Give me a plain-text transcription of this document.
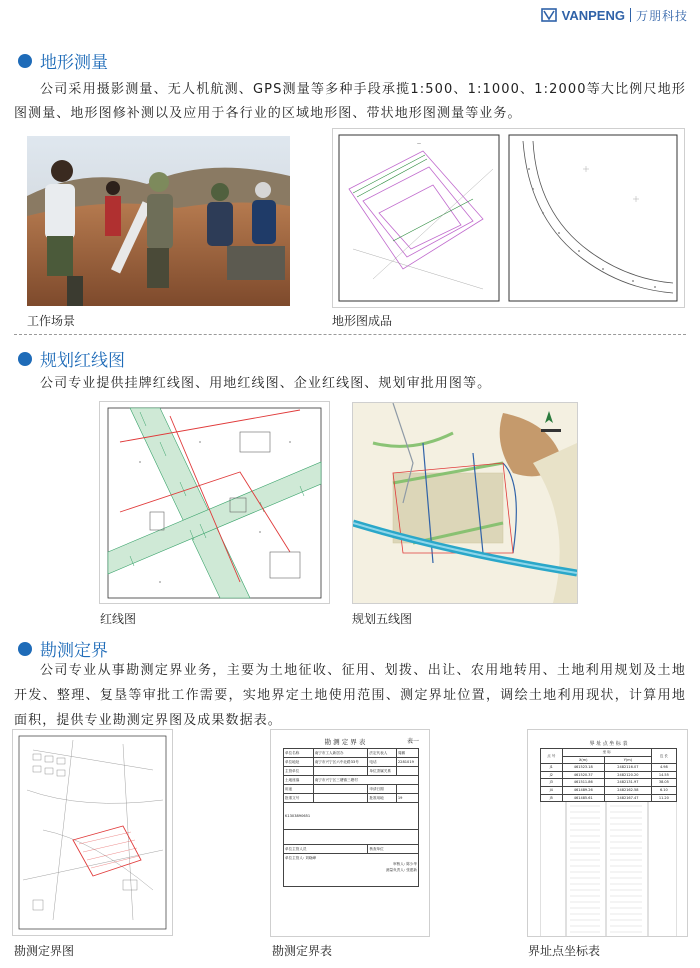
VANPENG 万朋科技
地形测量
公司采用摄影测量、无人机航测、GPS测量等多种手段承揽1:500、1:1000、1:2000等大比例尺地形图测量、地形图修补测以及应用于各行业的区域地形图、带状地形图测量等业务。
工作场景
—
地形图成品
规划红线图
公司专业提供挂牌红线图、用地红线图、企业红线图、规划审批用图等。
红线图	规划五线图
勘测定界
公司专业从事勘测定界业务，主要为土地征收、征用、划拨、出让、农用地转用、土地利用规划及土地开发、整理、复垦等审批工作需要，实地界定土地使用范围、测定界址位置，调绘土地利用现状，计算用地面积，提供专业勘测定界图及成果数据表。
勘测定界图
勘 测 定 界 表	表一
单位名称	南宁市工人新居办	法定代表人	周鹏
单位地址	南宁市兴宁区六中北路33号	电话	2281019
主管单位		单位隶属关系	
土地座落	南宁市兴宁区三塘镇三塘村		
用途		申请日期	
批准文号		批准用地	19
K1303890651			

单位主管人员		核查单位	

单位主管人: 刘晓峰
审核人: 陈少华
测量负责人: 张建新			
勘测定界表
界 址 点 坐 标 表
点 号	坐 标		边 长
	X(m)	Y(m)	
J1	461523.18	2482116.07	4.98
J2	461520.37	2482120.20	14.55
J3	461511.86	2482131.97	38.05
J4	461489.26	2482162.58	6.10
J5	461485.61	2482167.47	11.20
界址点坐标表
